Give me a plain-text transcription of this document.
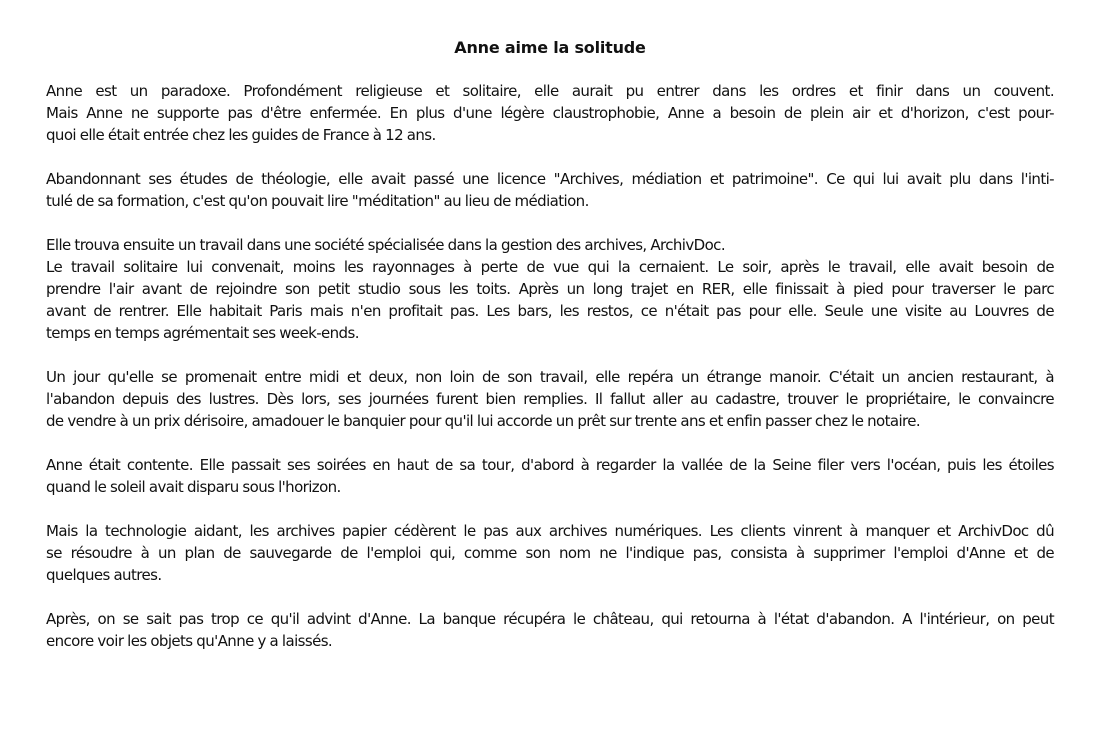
Anne aime la solitude
Anne est un paradoxe. Profondément religieuse et solitaire, elle aurait pu entrer dans les ordres et finir dans un couvent.
Mais Anne ne supporte pas d'être enfermée. En plus d'une légère claustrophobie, Anne a besoin de plein air et d'horizon, c'est pour-
quoi elle était entrée chez les guides de France à 12 ans.
Abandonnant ses études de théologie, elle avait passé une licence "Archives, médiation et patrimoine". Ce qui lui avait plu dans l'inti-
tulé de sa formation, c'est qu'on pouvait lire "méditation" au lieu de médiation.
Elle trouva ensuite un travail dans une société spécialisée dans la gestion des archives, ArchivDoc.
Le travail solitaire lui convenait, moins les rayonnages à perte de vue qui la cernaient. Le soir, après le travail, elle avait besoin de
prendre l'air avant de rejoindre son petit studio sous les toits. Après un long trajet en RER, elle finissait à pied pour traverser le parc
avant de rentrer. Elle habitait Paris mais n'en profitait pas. Les bars, les restos, ce n'était pas pour elle. Seule une visite au Louvres de
temps en temps agrémentait ses week-ends.
Un jour qu'elle se promenait entre midi et deux, non loin de son travail, elle repéra un étrange manoir. C'était un ancien restaurant, à
l'abandon depuis des lustres. Dès lors, ses journées furent bien remplies. Il fallut aller au cadastre, trouver le propriétaire, le convaincre
de vendre à un prix dérisoire, amadouer le banquier pour qu'il lui accorde un prêt sur trente ans et enfin passer chez le notaire.
Anne était contente. Elle passait ses soirées en haut de sa tour, d'abord à regarder la vallée de la Seine filer vers l'océan, puis les étoiles
quand le soleil avait disparu sous l'horizon.
Mais la technologie aidant, les archives papier cédèrent le pas aux archives numériques. Les clients vinrent à manquer et ArchivDoc dû
se résoudre à un plan de sauvegarde de l'emploi qui, comme son nom ne l'indique pas, consista à supprimer l'emploi d'Anne et de
quelques autres.
Après, on se sait pas trop ce qu'il advint d'Anne. La banque récupéra le château, qui retourna à l'état d'abandon. A l'intérieur, on peut
encore voir les objets qu'Anne y a laissés.
